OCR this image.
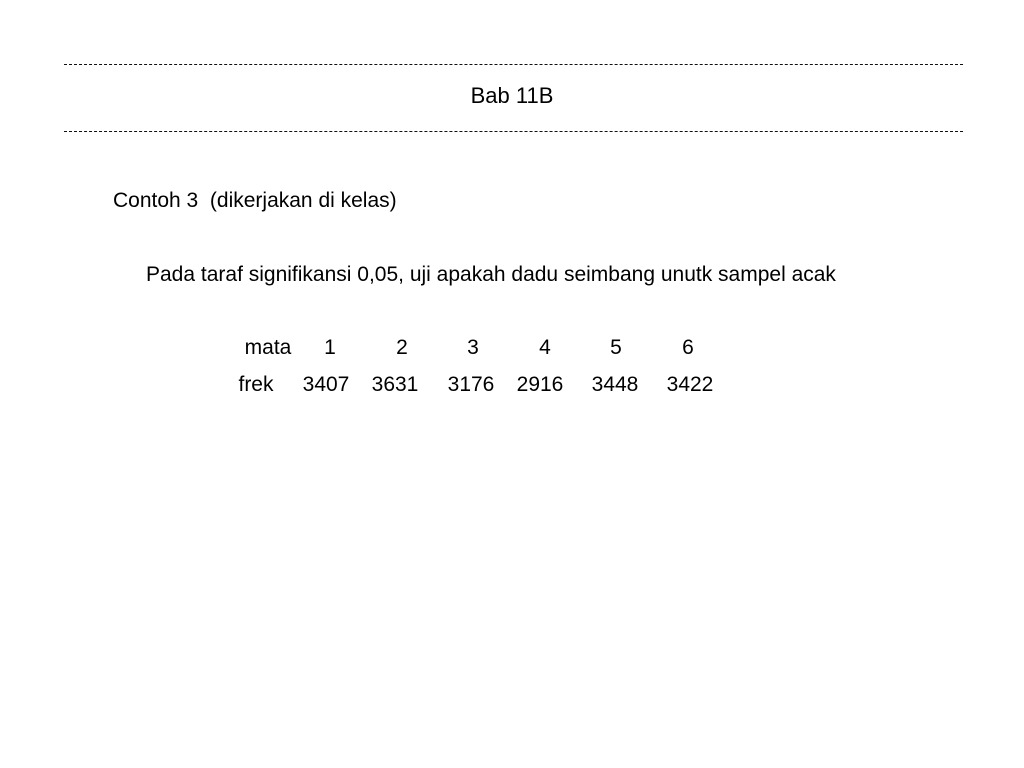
Bab 11B
Contoh 3  (dikerjakan di kelas)
Pada taraf signifikansi 0,05, uji apakah dadu seimbang unutk sampel acak
mata	1	2	3	4	5	6
frek	3407	3631	3176	2916	3448	3422
